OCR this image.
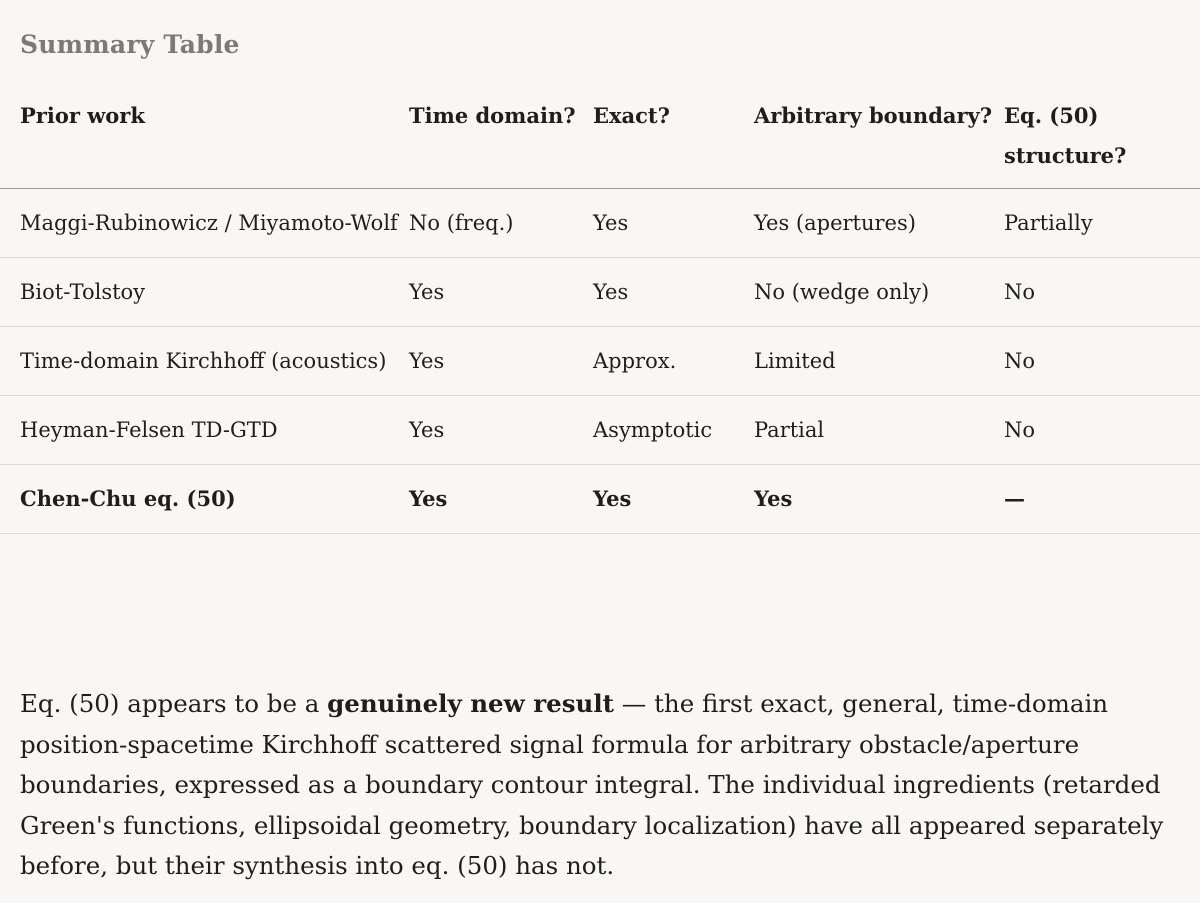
Summary Table
Prior work	Time domain?	Exact?	Arbitrary boundary?	Eq. (50) structure?
Maggi-Rubinowicz / Miyamoto-Wolf	No (freq.)	Yes	Yes (apertures)	Partially
Biot-Tolstoy	Yes	Yes	No (wedge only)	No
Time-domain Kirchhoff (acoustics)	Yes	Approx.	Limited	No
Heyman-Felsen TD-GTD	Yes	Asymptotic	Partial	No
Chen-Chu eq. (50)	Yes	Yes	Yes	—

Eq. (50) appears to be a genuinely new result — the first exact, general, time-domain position-spacetime Kirchhoff scattered signal formula for arbitrary obstacle/aperture boundaries, expressed as a boundary contour integral. The individual ingredients (retarded Green's functions, ellipsoidal geometry, boundary localization) have all appeared separately before, but their synthesis into eq. (50) has not.
